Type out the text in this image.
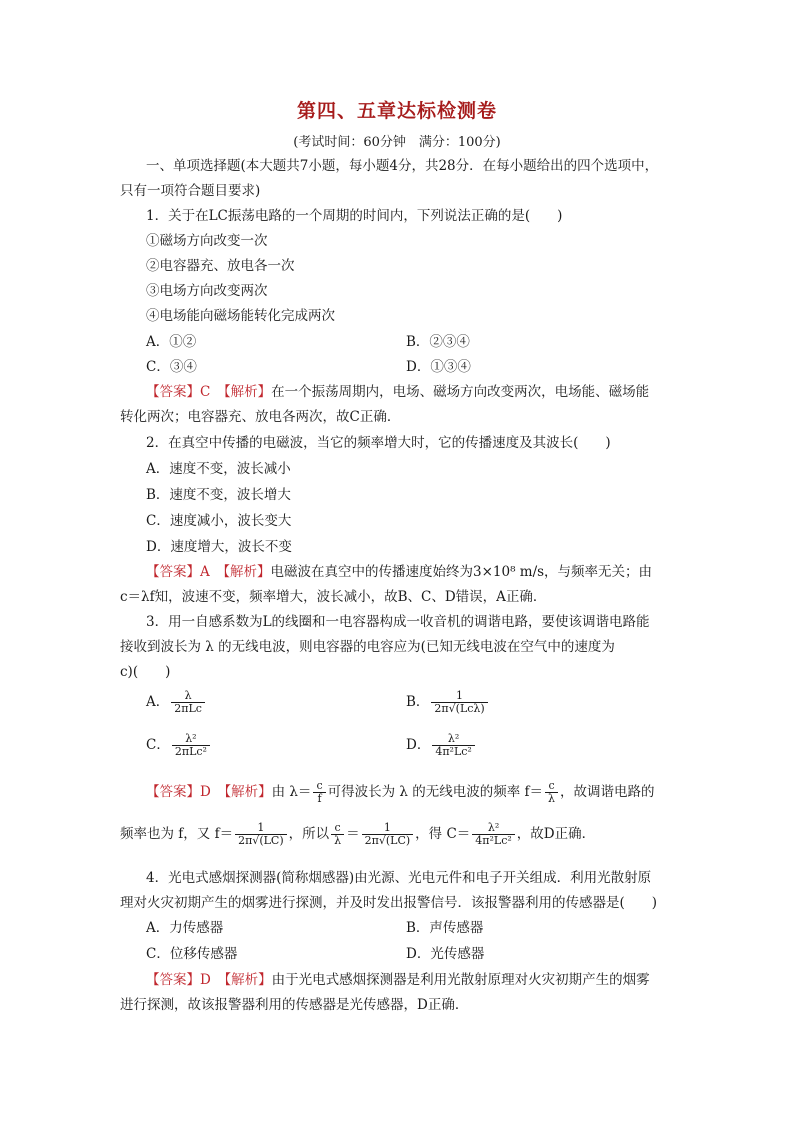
第四、五章达标检测卷
(考试时间：60分钟　满分：100分)
一、单项选择题(本大题共7小题，每小题4分，共28分．在每小题给出的四个选项中，
只有一项符合题目要求)
1．关于在LC振荡电路的一个周期的时间内，下列说法正确的是(　　)
①磁场方向改变一次
②电容器充、放电各一次
③电场方向改变两次
④电场能向磁场能转化完成两次
A．①②	B．②③④
C．③④	D．①③④
【答案】C　 【解析】在一个振荡周期内，电场、磁场方向改变两次，电场能、磁场能
转化两次；电容器充、放电各两次，故C正确．
2．在真空中传播的电磁波，当它的频率增大时，它的传播速度及其波长(　　)
A．速度不变，波长减小
B．速度不变，波长增大
C．速度减小，波长变大
D．速度增大，波长不变
【答案】A　 【解析】电磁波在真空中的传播速度始终为3×10⁸ m/s，与频率无关；由
c＝λf知，波速不变，频率增大，波长减小，故B、C、D错误，A正确．
3．用一自感系数为L的线圈和一电容器构成一收音机的调谐电路，要使该调谐电路能
接收到波长为 λ 的无线电波，则电容器的电容应为(已知无线电波在空气中的速度为
c)(　　)
A． $\frac{\lambda}{\text{2πLc}}$	B． $\frac{1}{\text{2π√(Lcλ)}}$
C． $\frac{\text{λ²}}{\text{2πLc²}}$	D． $\frac{\text{λ²}}{\text{4π²Lc²}}$
【答案】D　 【解析】由 $\lambda= \frac{c}{f}$ 可得波长为 λ 的无线电波的频率 $f= \frac{c}{\lambda}$ ，故调谐电路的
频率也为 f，又 $f= \frac{1}{2\pi√(LC)}$ ，所以 $\frac{c}{\lambda} = \frac{1}{2\pi√(LC)}$ ，得 $C= \frac{\text{λ²}}{\text{4π²Lc²}}$ ，故D正确．
4．光电式感烟探测器(简称烟感器)由光源、光电元件和电子开关组成．利用光散射原
理对火灾初期产生的烟雾进行探测，并及时发出报警信号．该报警器利用的传感器是(　　)
A．力传感器	B．声传感器
C．位移传感器	D．光传感器
【答案】D　 【解析】由于光电式感烟探测器是利用光散射原理对火灾初期产生的烟雾
进行探测，故该报警器利用的传感器是光传感器，D正确．
